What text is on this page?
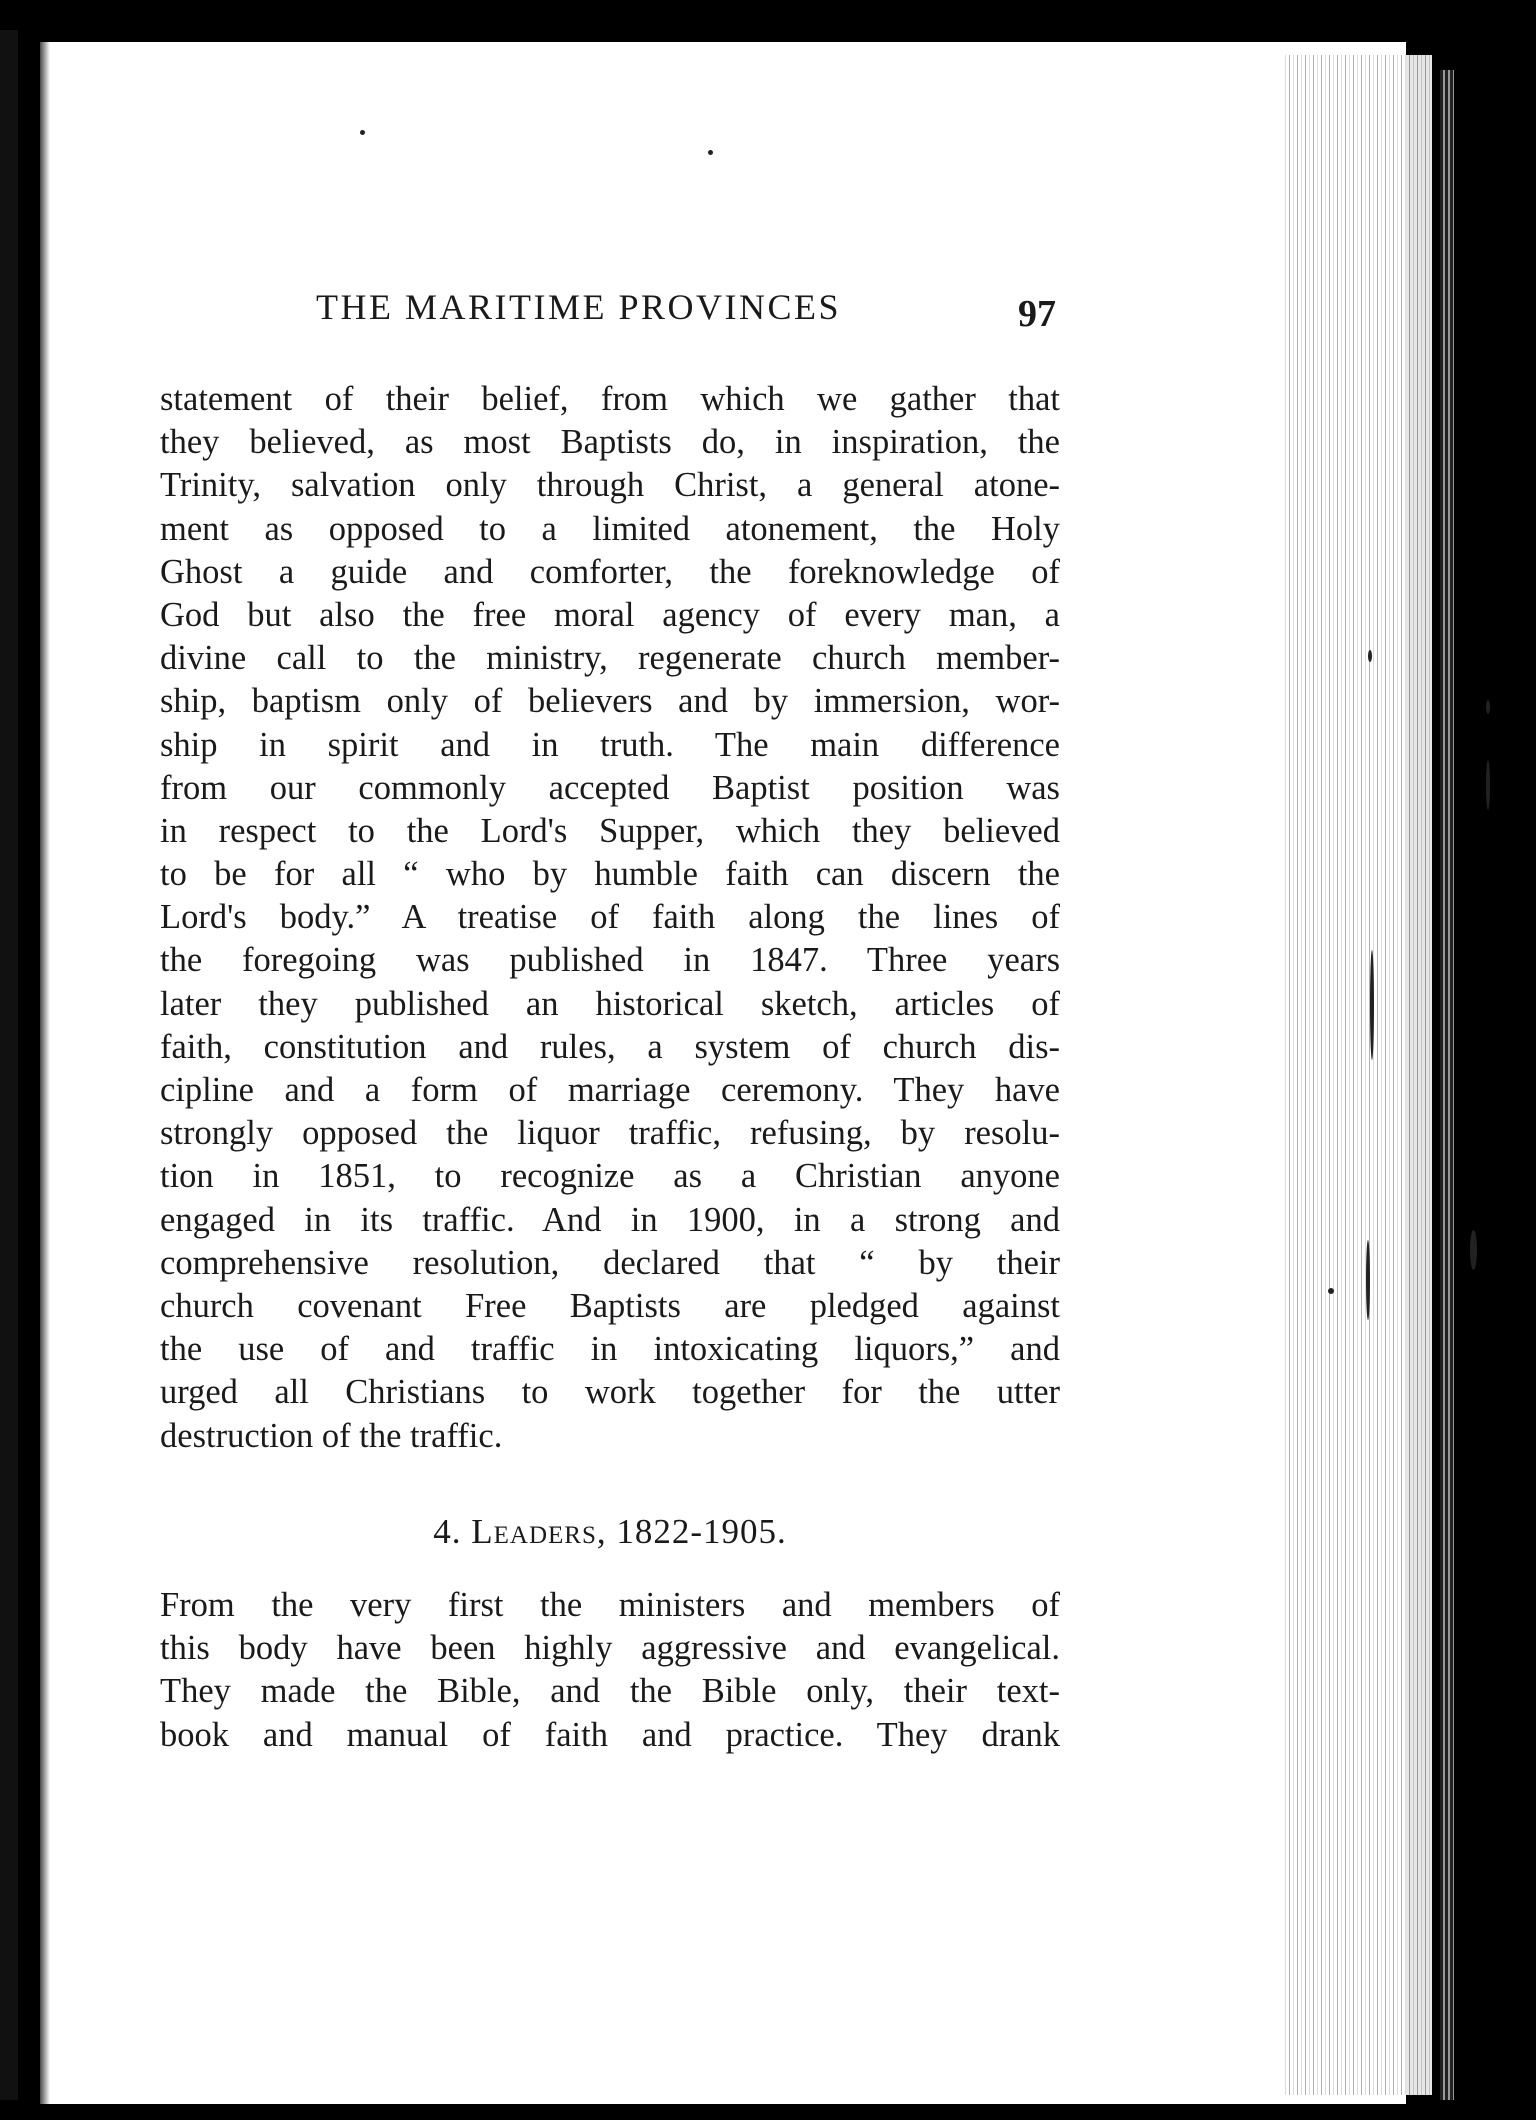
THE MARITIME PROVINCES	97
statement of their belief, from which we gather that
they believed, as most Baptists do, in inspiration, the
Trinity, salvation only through Christ, a general atone-
ment as opposed to a limited atonement, the Holy
Ghost a guide and comforter, the foreknowledge of
God but also the free moral agency of every man, a
divine call to the ministry, regenerate church member-
ship, baptism only of believers and by immersion, wor-
ship in spirit and in truth. The main difference
from our commonly accepted Baptist position was
in respect to the Lord's Supper, which they believed
to be for all “ who by humble faith can discern the
Lord's body.” A treatise of faith along the lines of
the foregoing was published in 1847. Three years
later they published an historical sketch, articles of
faith, constitution and rules, a system of church dis-
cipline and a form of marriage ceremony. They have
strongly opposed the liquor traffic, refusing, by resolu-
tion in 1851, to recognize as a Christian anyone
engaged in its traffic. And in 1900, in a strong and
comprehensive resolution, declared that “ by their
church covenant Free Baptists are pledged against
the use of and traffic in intoxicating liquors,” and
urged all Christians to work together for the utter
destruction of the traffic.
4. Leaders, 1822-1905.
From the very first the ministers and members of
this body have been highly aggressive and evangelical.
They made the Bible, and the Bible only, their text-
book and manual of faith and practice. They drank
